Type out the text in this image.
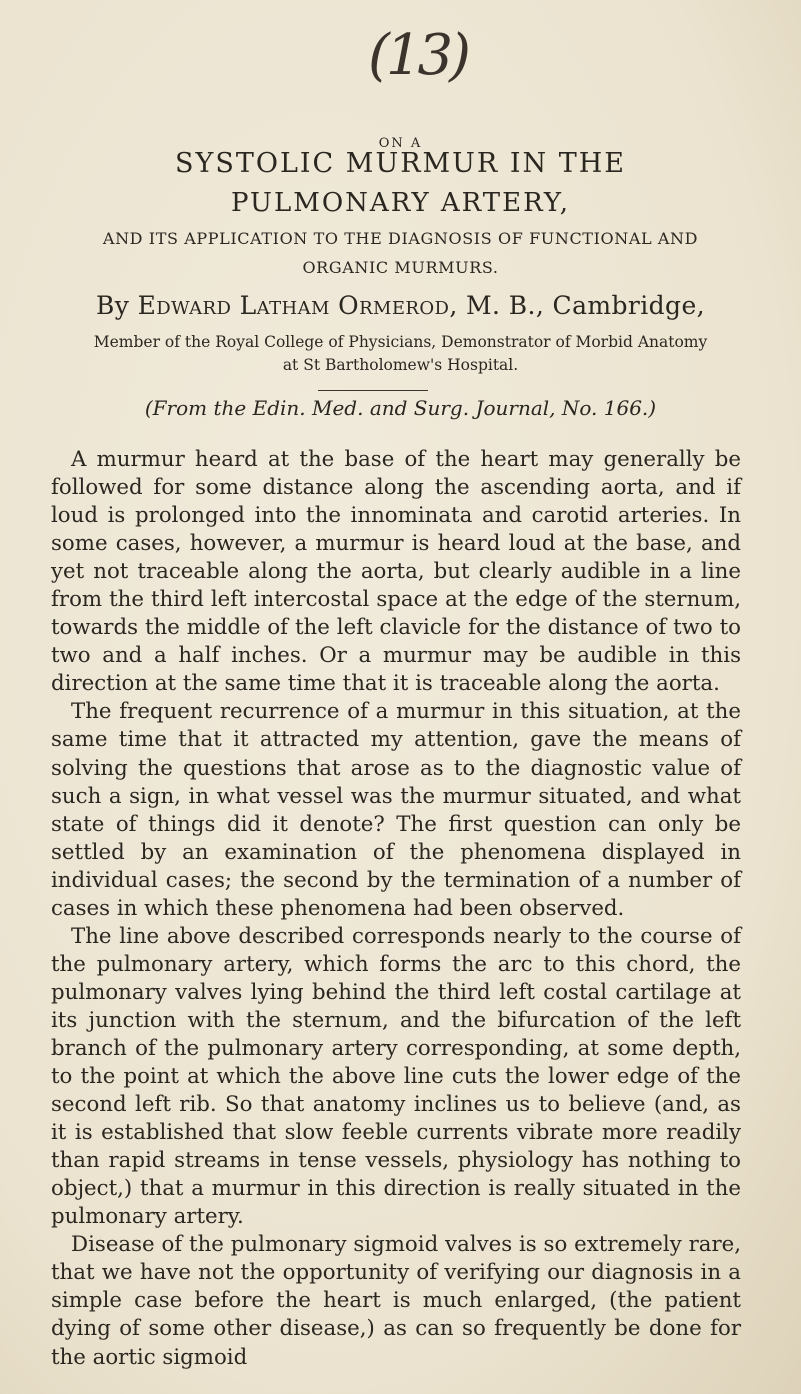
(13)
ON A
SYSTOLIC MURMUR IN THE
PULMONARY ARTERY,
AND ITS APPLICATION TO THE DIAGNOSIS OF FUNCTIONAL AND
ORGANIC MURMURS.
By Edward Latham Ormerod, M. B., Cambridge,
Member of the Royal College of Physicians, Demonstrator of Morbid Anatomy
at St Bartholomew's Hospital.
(From the Edin. Med. and Surg. Journal, No. 166.)

A murmur heard at the base of the heart may generally be followed for some distance along the ascending aorta, and if loud is prolonged into the innominata and carotid arteries. In some cases, however, a murmur is heard loud at the base, and yet not traceable along the aorta, but clearly audible in a line from the third left intercostal space at the edge of the sternum, towards the middle of the left clavicle for the distance of two to two and a half inches. Or a murmur may be audible in this direction at the same time that it is traceable along the aorta.

The frequent recurrence of a murmur in this situation, at the same time that it attracted my attention, gave the means of solving the questions that arose as to the diagnostic value of such a sign, in what vessel was the murmur situated, and what state of things did it denote? The first question can only be settled by an examination of the phenomena displayed in individual cases; the second by the termination of a number of cases in which these phenomena had been observed.

The line above described corresponds nearly to the course of the pulmonary artery, which forms the arc to this chord, the pulmonary valves lying behind the third left costal cartilage at its junction with the sternum, and the bifurcation of the left branch of the pulmonary artery corresponding, at some depth, to the point at which the above line cuts the lower edge of the second left rib. So that anatomy inclines us to believe (and, as it is established that slow feeble currents vibrate more readily than rapid streams in tense vessels, physiology has nothing to object,) that a murmur in this direction is really situated in the pulmonary artery.

Disease of the pulmonary sigmoid valves is so extremely rare, that we have not the opportunity of verifying our diagnosis in a simple case before the heart is much enlarged, (the patient dying of some other disease,) as can so frequently be done for the aortic sigmoid
